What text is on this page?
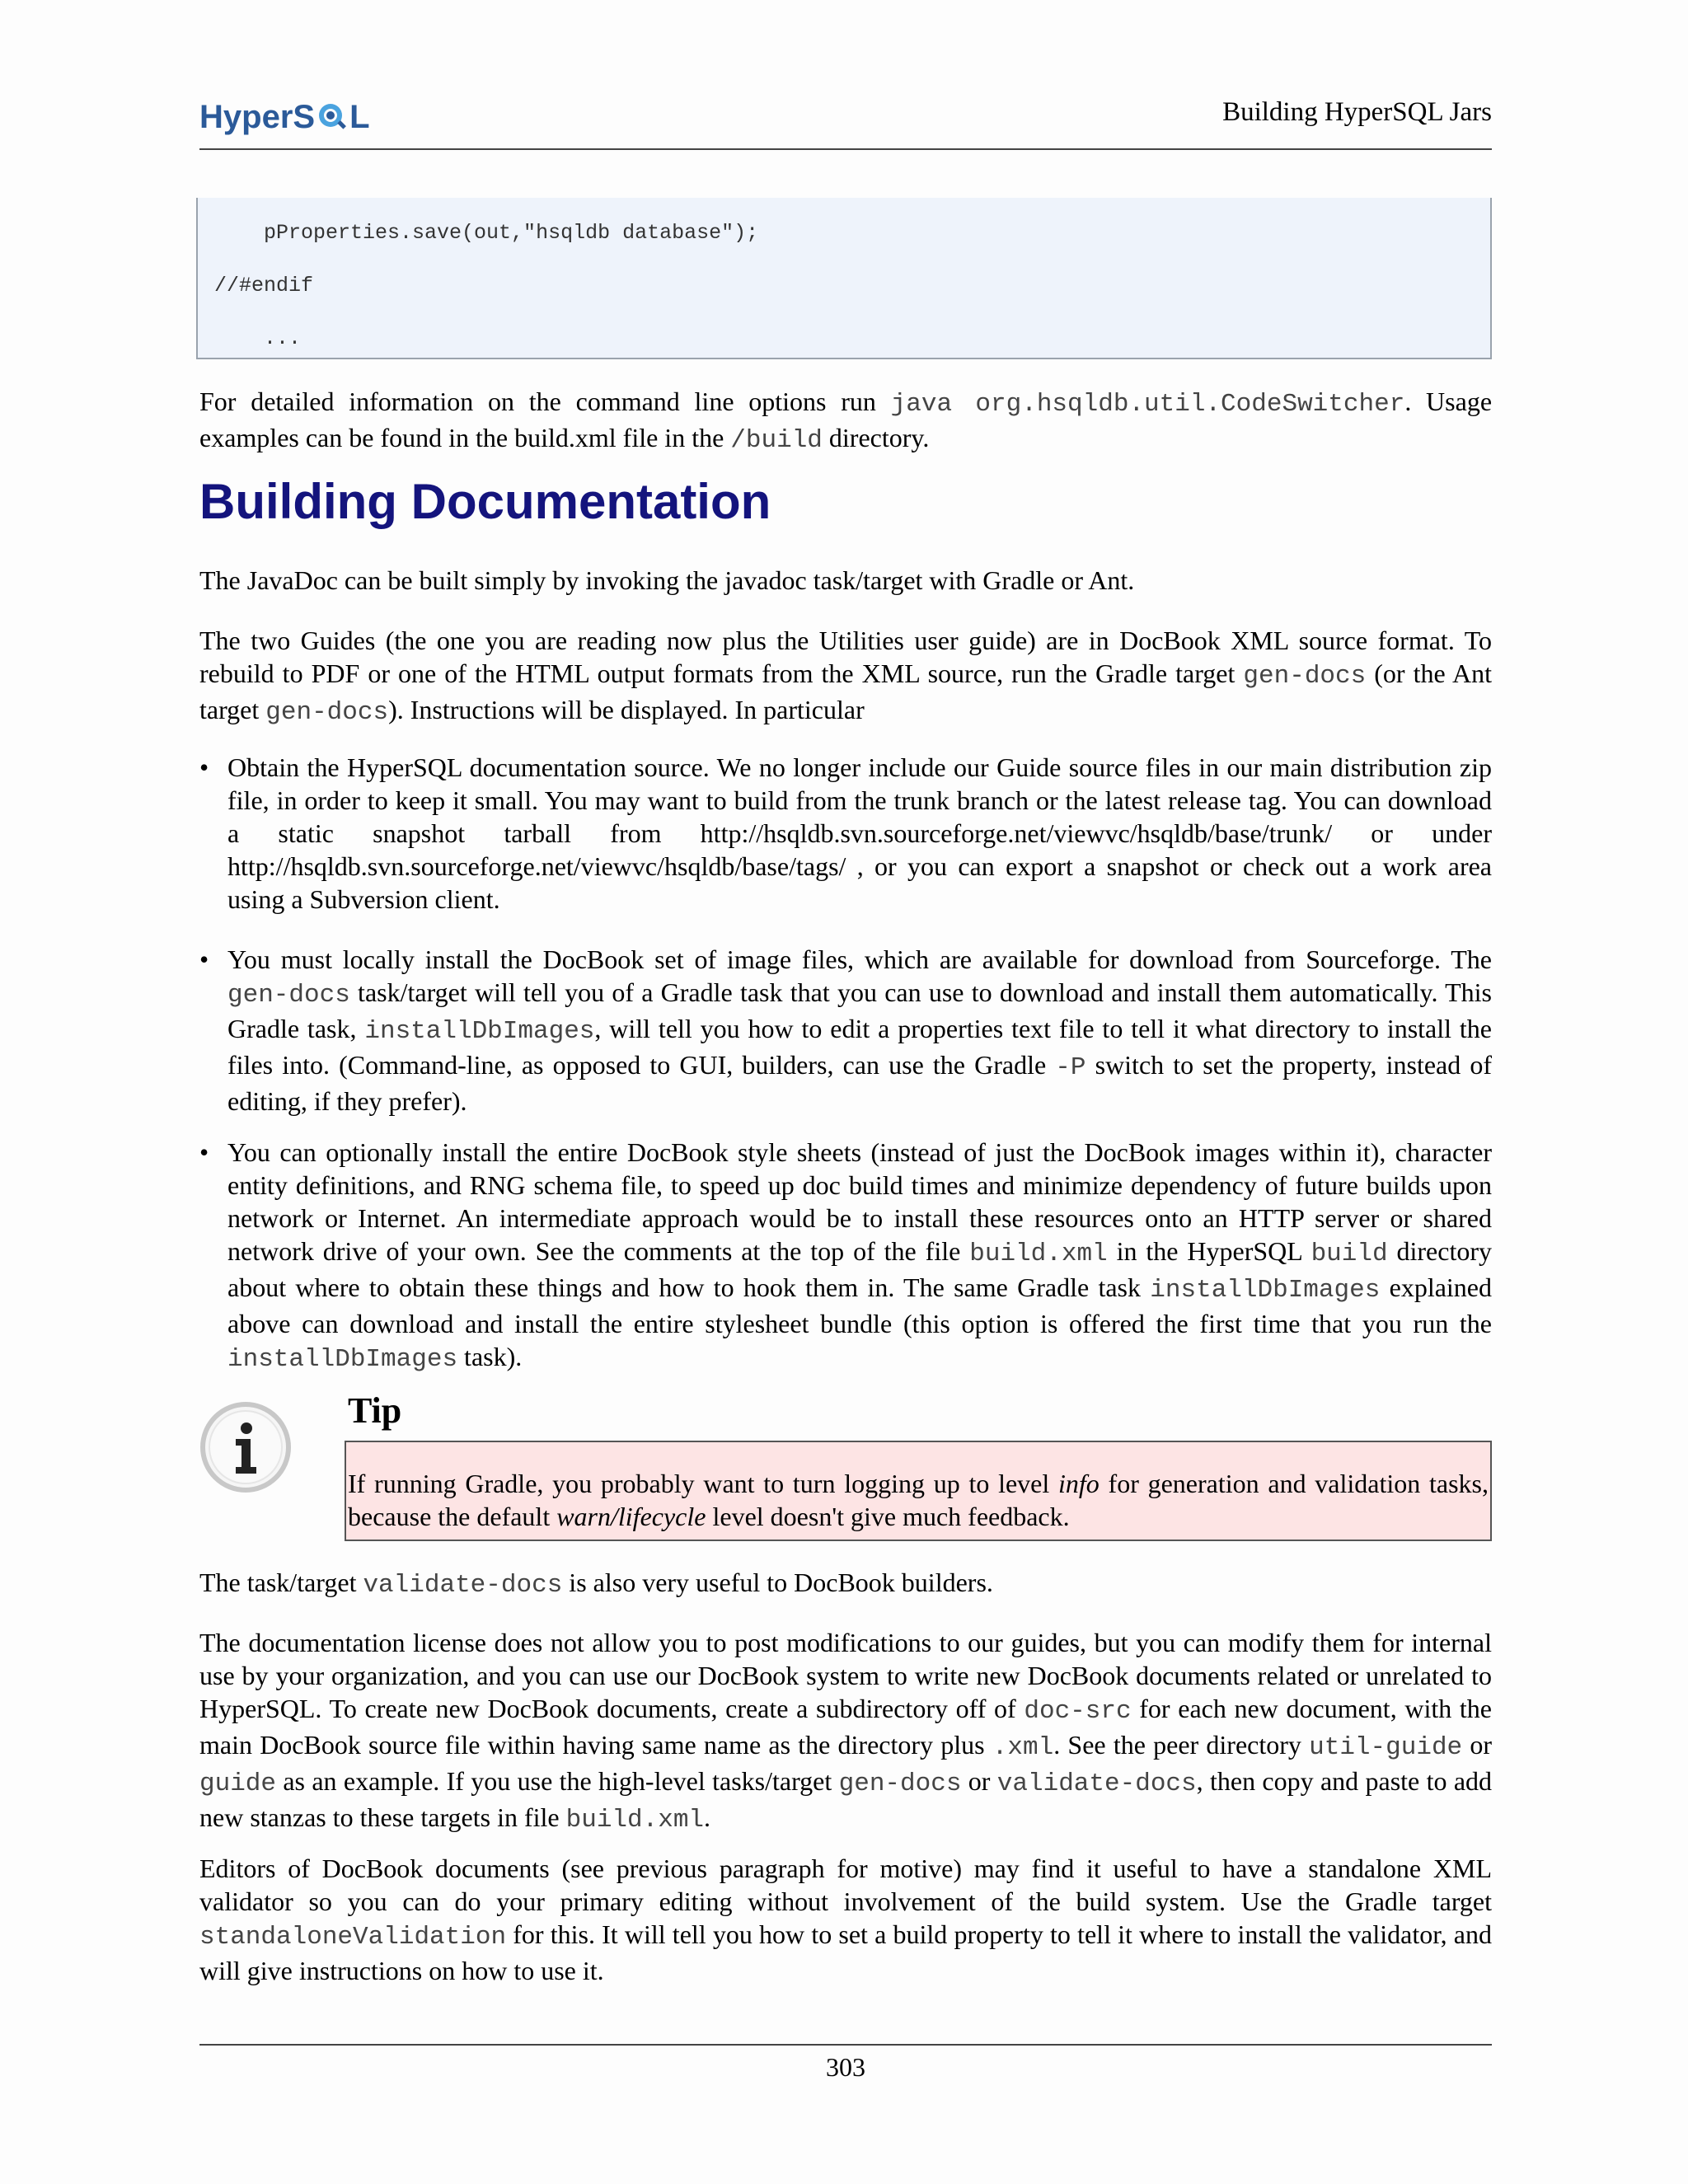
HyperS L	Building HyperSQL Jars
pProperties.save(out,"hsqldb database");
//#endif
...

For detailed information on the command line options run java org.hsqldb.util.CodeSwitcher. Usage examples can be found in the build.xml file in the /build directory.

Building Documentation

The JavaDoc can be built simply by invoking the javadoc task/target with Gradle or Ant.

The two Guides (the one you are reading now plus the Utilities user guide) are in DocBook XML source format. To rebuild to PDF or one of the HTML output formats from the XML source, run the Gradle target gen-docs (or the Ant target gen-docs). Instructions will be displayed. In particular

• Obtain the HyperSQL documentation source. We no longer include our Guide source files in our main distribution zip file, in order to keep it small. You may want to build from the trunk branch or the latest release tag. You can download a static snapshot tarball from http://hsqldb.svn.sourceforge.net/viewvc/hsqldb/base/trunk/ or under http://hsqldb.svn.sourceforge.net/viewvc/hsqldb/base/tags/ , or you can export a snapshot or check out a work area using a Subversion client.

• You must locally install the DocBook set of image files, which are available for download from Sourceforge. The gen-docs task/target will tell you of a Gradle task that you can use to download and install them automatically. This Gradle task, installDbImages, will tell you how to edit a properties text file to tell it what directory to install the files into. (Command-line, as opposed to GUI, builders, can use the Gradle -P switch to set the property, instead of editing, if they prefer).

• You can optionally install the entire DocBook style sheets (instead of just the DocBook images within it), character entity definitions, and RNG schema file, to speed up doc build times and minimize dependency of future builds upon network or Internet. An intermediate approach would be to install these resources onto an HTTP server or shared network drive of your own. See the comments at the top of the file build.xml in the HyperSQL build directory about where to obtain these things and how to hook them in. The same Gradle task installDbImages explained above can download and install the entire stylesheet bundle (this option is offered the first time that you run the installDbImages task).

Tip

If running Gradle, you probably want to turn logging up to level info for generation and validation tasks, because the default warn/lifecycle level doesn't give much feedback.

The task/target validate-docs is also very useful to DocBook builders.

The documentation license does not allow you to post modifications to our guides, but you can modify them for internal use by your organization, and you can use our DocBook system to write new DocBook documents related or unrelated to HyperSQL. To create new DocBook documents, create a subdirectory off of doc-src for each new document, with the main DocBook source file within having same name as the directory plus .xml. See the peer directory util-guide or guide as an example. If you use the high-level tasks/target gen-docs or validate-docs, then copy and paste to add new stanzas to these targets in file build.xml.

Editors of DocBook documents (see previous paragraph for motive) may find it useful to have a standalone XML validator so you can do your primary editing without involvement of the build system. Use the Gradle target standaloneValidation for this. It will tell you how to set a build property to tell it where to install the validator, and will give instructions on how to use it.

303
